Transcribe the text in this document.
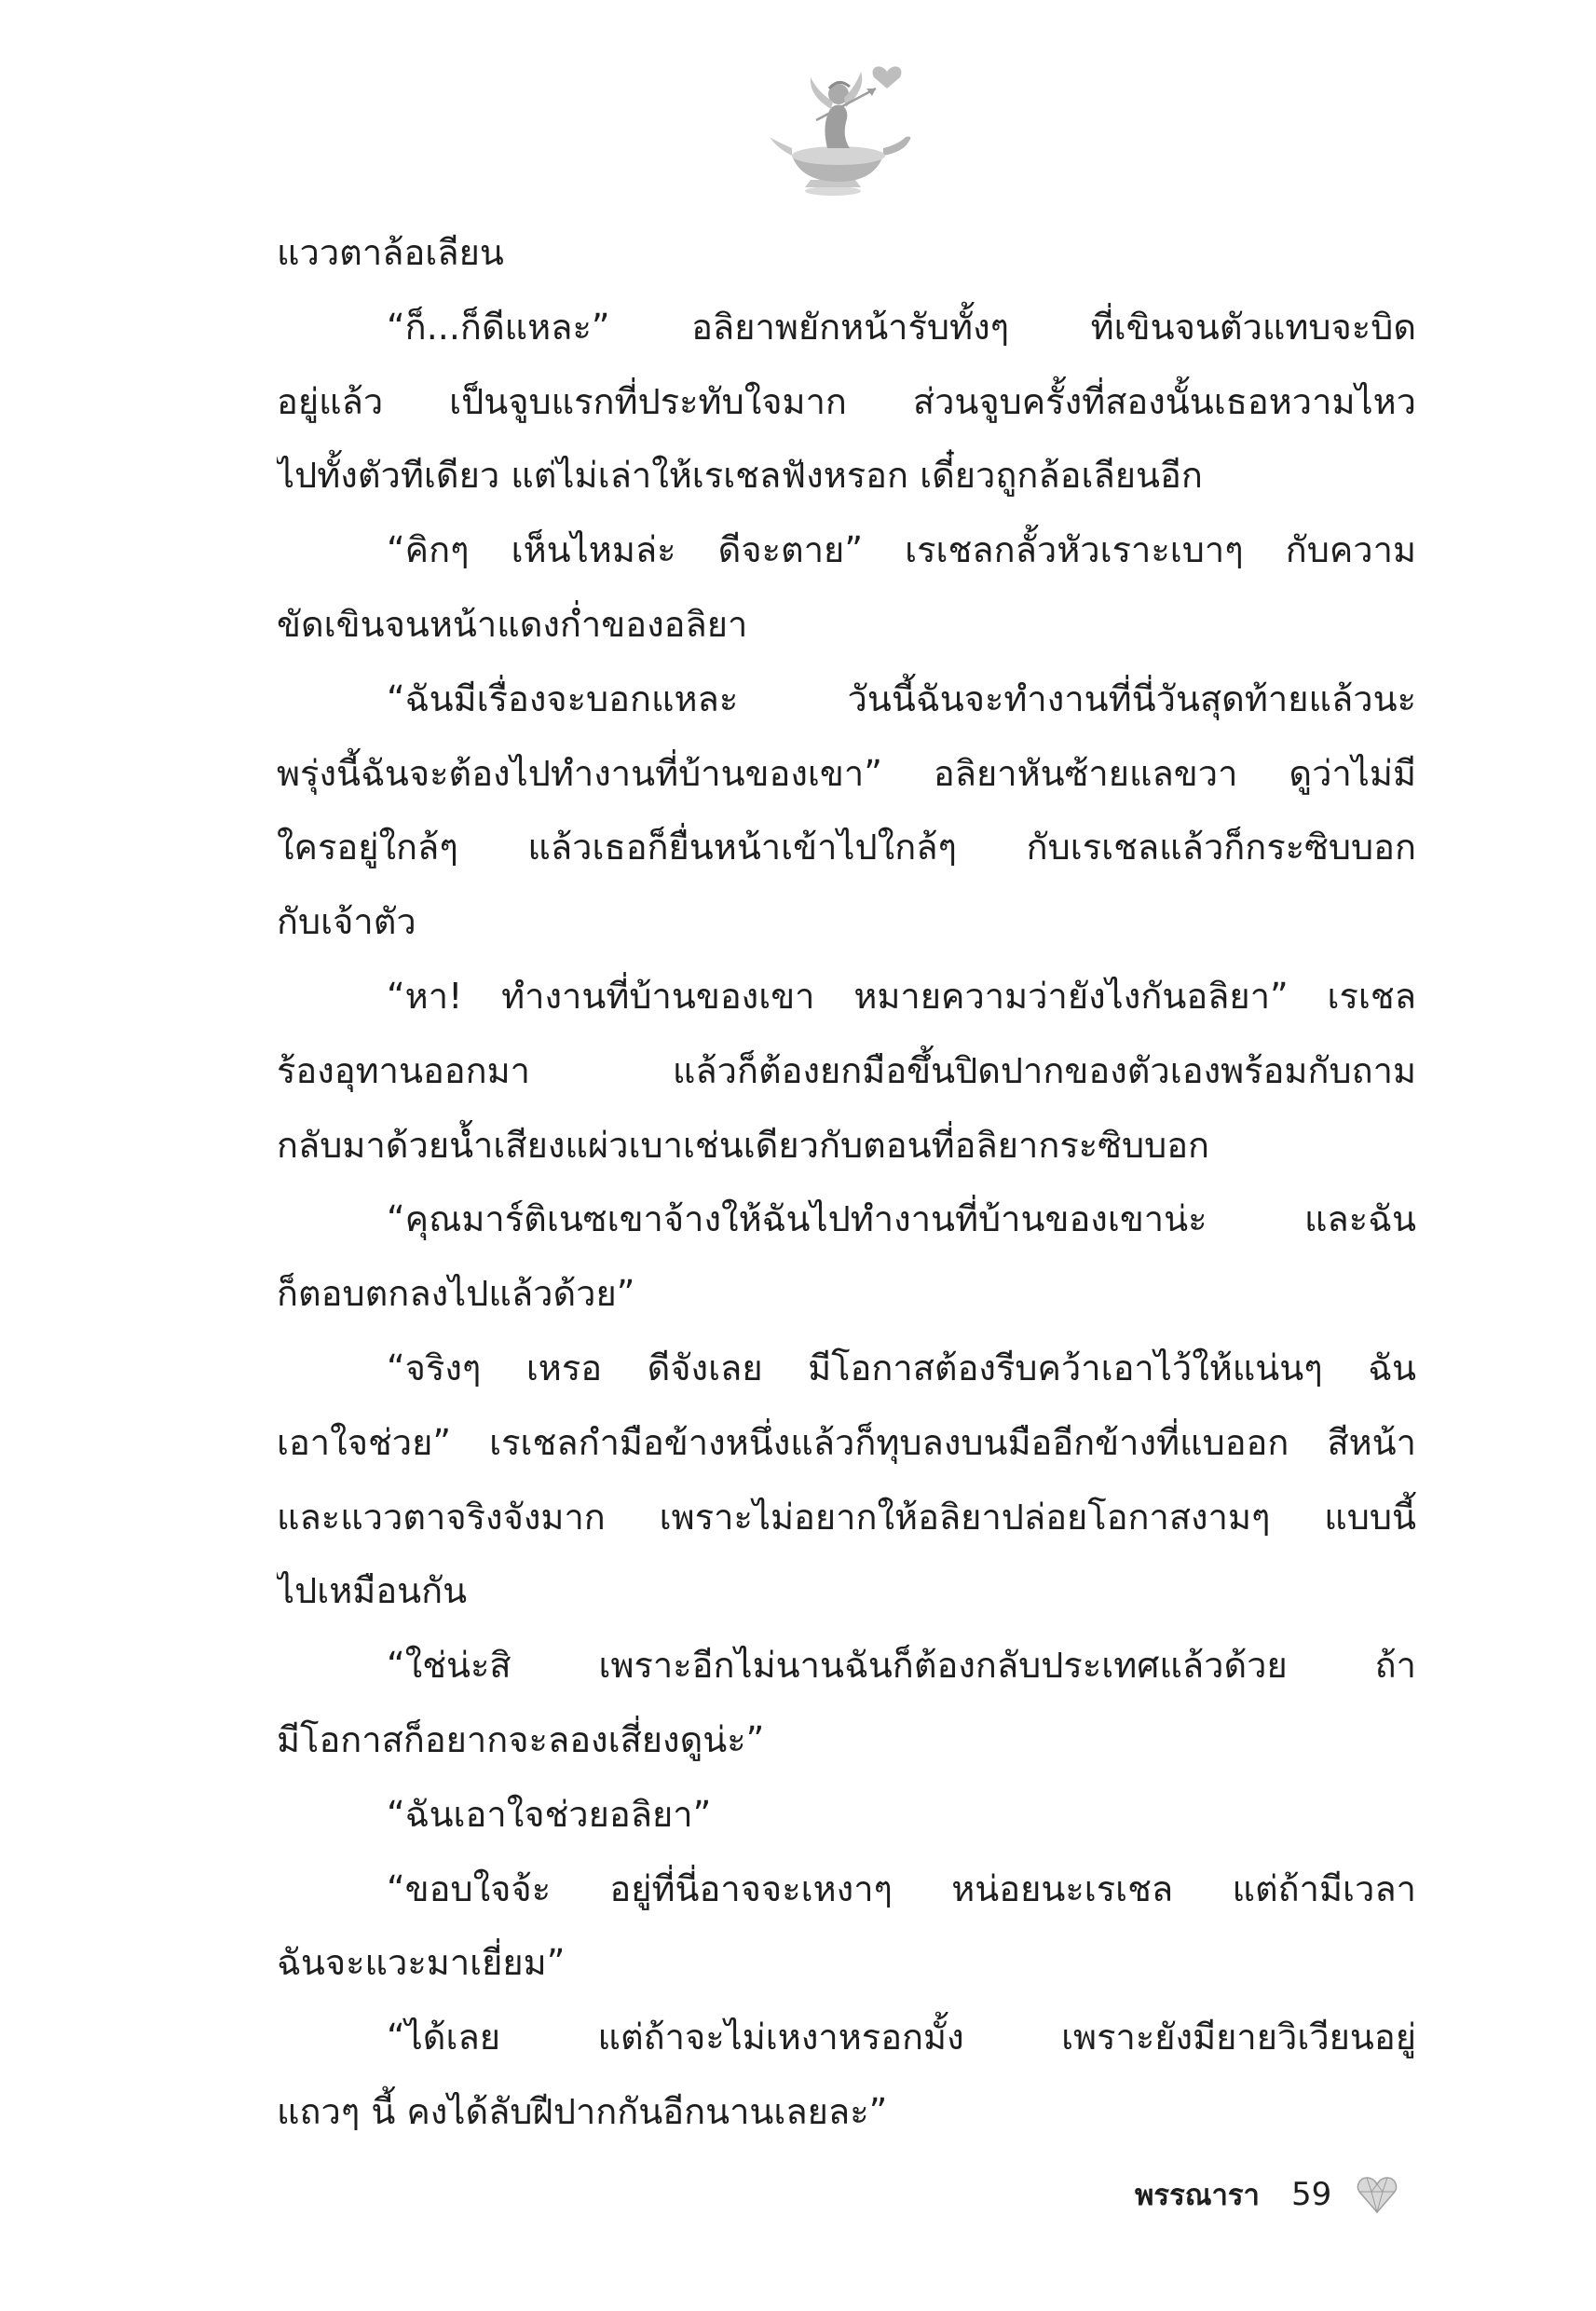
แววตาล้อเลียน
“ก็...ก็ดีแหละ” อลิยาพยักหน้ารับทั้งๆ ที่เขินจนตัวแทบจะบิด
อยู่แล้ว เป็นจูบแรกที่ประทับใจมาก ส่วนจูบครั้งที่สองนั้นเธอหวามไหว
ไปทั้งตัวทีเดียว แต่ไม่เล่าให้เรเชลฟังหรอก เดี๋ยวถูกล้อเลียนอีก
“คิกๆ เห็นไหมล่ะ ดีจะตาย” เรเชลกลั้วหัวเราะเบาๆ กับความ
ขัดเขินจนหน้าแดงก่ำของอลิยา
“ฉันมีเรื่องจะบอกแหละ วันนี้ฉันจะทำงานที่นี่วันสุดท้ายแล้วนะ
พรุ่งนี้ฉันจะต้องไปทำงานที่บ้านของเขา” อลิยาหันซ้ายแลขวา ดูว่าไม่มี
ใครอยู่ใกล้ๆ แล้วเธอก็ยื่นหน้าเข้าไปใกล้ๆ กับเรเชลแล้วก็กระซิบบอก
กับเจ้าตัว
“หา! ทำงานที่บ้านของเขา หมายความว่ายังไงกันอลิยา” เรเชล
ร้องอุทานออกมา แล้วก็ต้องยกมือขึ้นปิดปากของตัวเองพร้อมกับถาม
กลับมาด้วยน้ำเสียงแผ่วเบาเช่นเดียวกับตอนที่อลิยากระซิบบอก
“คุณมาร์ติเนซเขาจ้างให้ฉันไปทำงานที่บ้านของเขาน่ะ และฉัน
ก็ตอบตกลงไปแล้วด้วย”
“จริงๆ เหรอ ดีจังเลย มีโอกาสต้องรีบคว้าเอาไว้ให้แน่นๆ ฉัน
เอาใจช่วย” เรเชลกำมือข้างหนึ่งแล้วก็ทุบลงบนมืออีกข้างที่แบออก สีหน้า
และแววตาจริงจังมาก เพราะไม่อยากให้อลิยาปล่อยโอกาสงามๆ แบบนี้
ไปเหมือนกัน
“ใช่น่ะสิ เพราะอีกไม่นานฉันก็ต้องกลับประเทศแล้วด้วย ถ้า
มีโอกาสก็อยากจะลองเสี่ยงดูน่ะ”
“ฉันเอาใจช่วยอลิยา”
“ขอบใจจ้ะ อยู่ที่นี่อาจจะเหงาๆ หน่อยนะเรเชล แต่ถ้ามีเวลา
ฉันจะแวะมาเยี่ยม”
“ได้เลย แต่ถ้าจะไม่เหงาหรอกมั้ง เพราะยังมียายวิเวียนอยู่
แถวๆ นี้ คงได้ลับฝีปากกันอีกนานเลยละ”
พรรณารา 59
